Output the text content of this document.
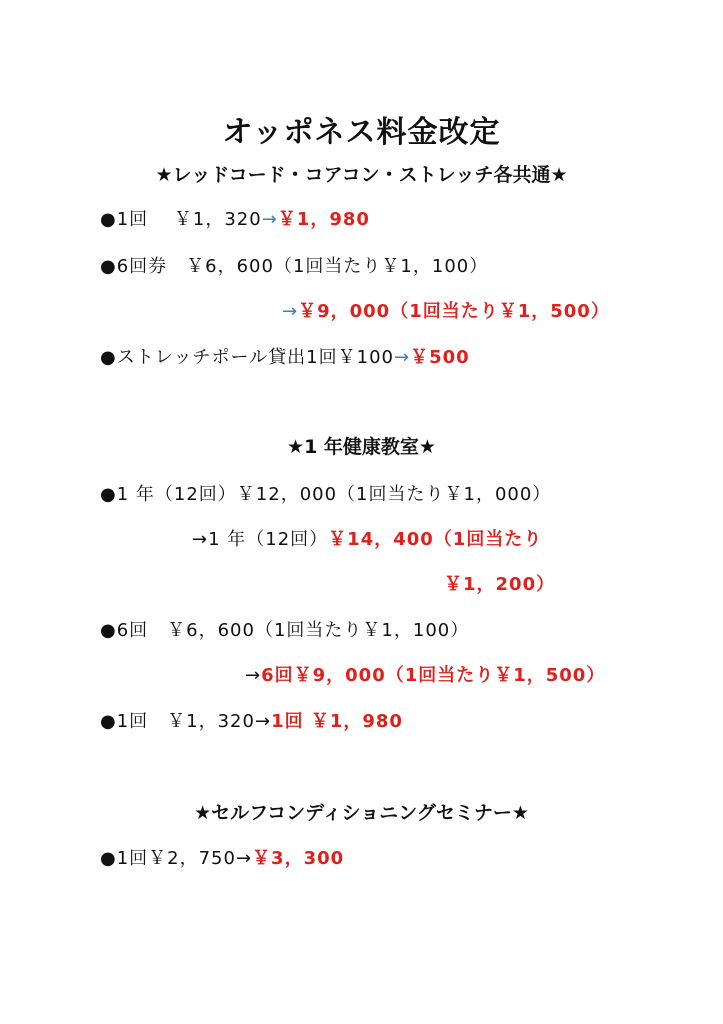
オッポネス料金改定
★レッドコード・コアコン・ストレッチ各共通★
●1回　 ￥1，320→￥1，980
●6回券　￥6，600（1回当たり￥1，100）
→￥9，000（1回当たり￥1，500）
●ストレッチポール貸出1回￥100→￥500
★1 年健康教室★
●1 年（12回）￥12，000（1回当たり￥1，000）
→1 年（12回）￥14，400（1回当たり
￥1，200）
●6回　￥6，600（1回当たり￥1，100）
→6回￥9，000（1回当たり￥1，500）
●1回　￥1，320→1回 ￥1，980
★セルフコンディショニングセミナー★
●1回￥2，750→￥3，300
